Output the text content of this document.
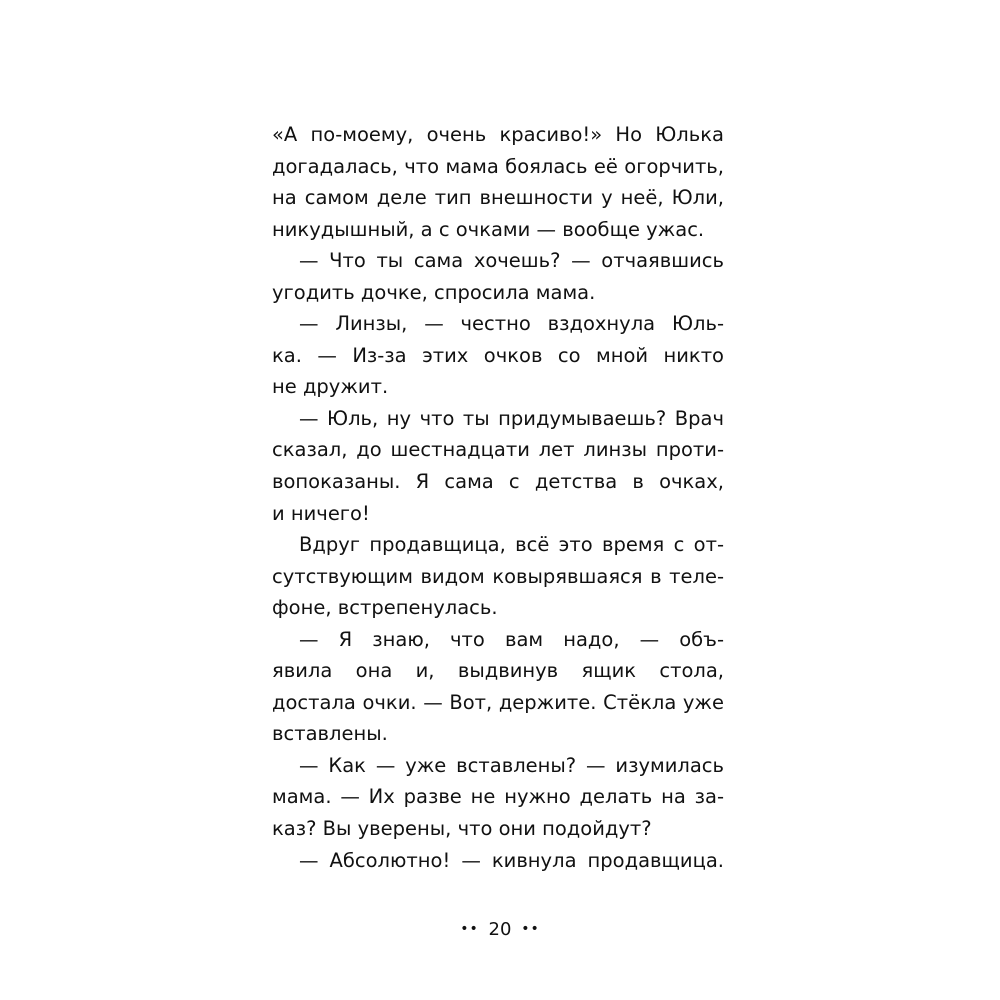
«А по-моему, очень красиво!» Но Юлька
догадалась, что мама боялась её огорчить,
на самом деле тип внешности у неё, Юли,
никудышный, а с очками — вообще ужас.
— Что ты сама хочешь? — отчаявшись
угодить дочке, спросила мама.
— Линзы, — честно вздохнула Юль-
ка. — Из-за этих очков со мной никто
не дружит.
— Юль, ну что ты придумываешь? Врач
сказал, до шестнадцати лет линзы проти-
вопоказаны. Я сама с детства в очках,
и ничего!
Вдруг продавщица, всё это время с от-
сутствующим видом ковырявшаяся в теле-
фоне, встрепенулась.
— Я знаю, что вам надо, — объ-
явила она и, выдвинув ящик стола,
достала очки. — Вот, держите. Стёкла уже
вставлены.
— Как — уже вставлены? — изумилась
мама. — Их разве не нужно делать на за-
каз? Вы уверены, что они подойдут?
— Абсолютно! — кивнула продавщица.
•• 20 ••
